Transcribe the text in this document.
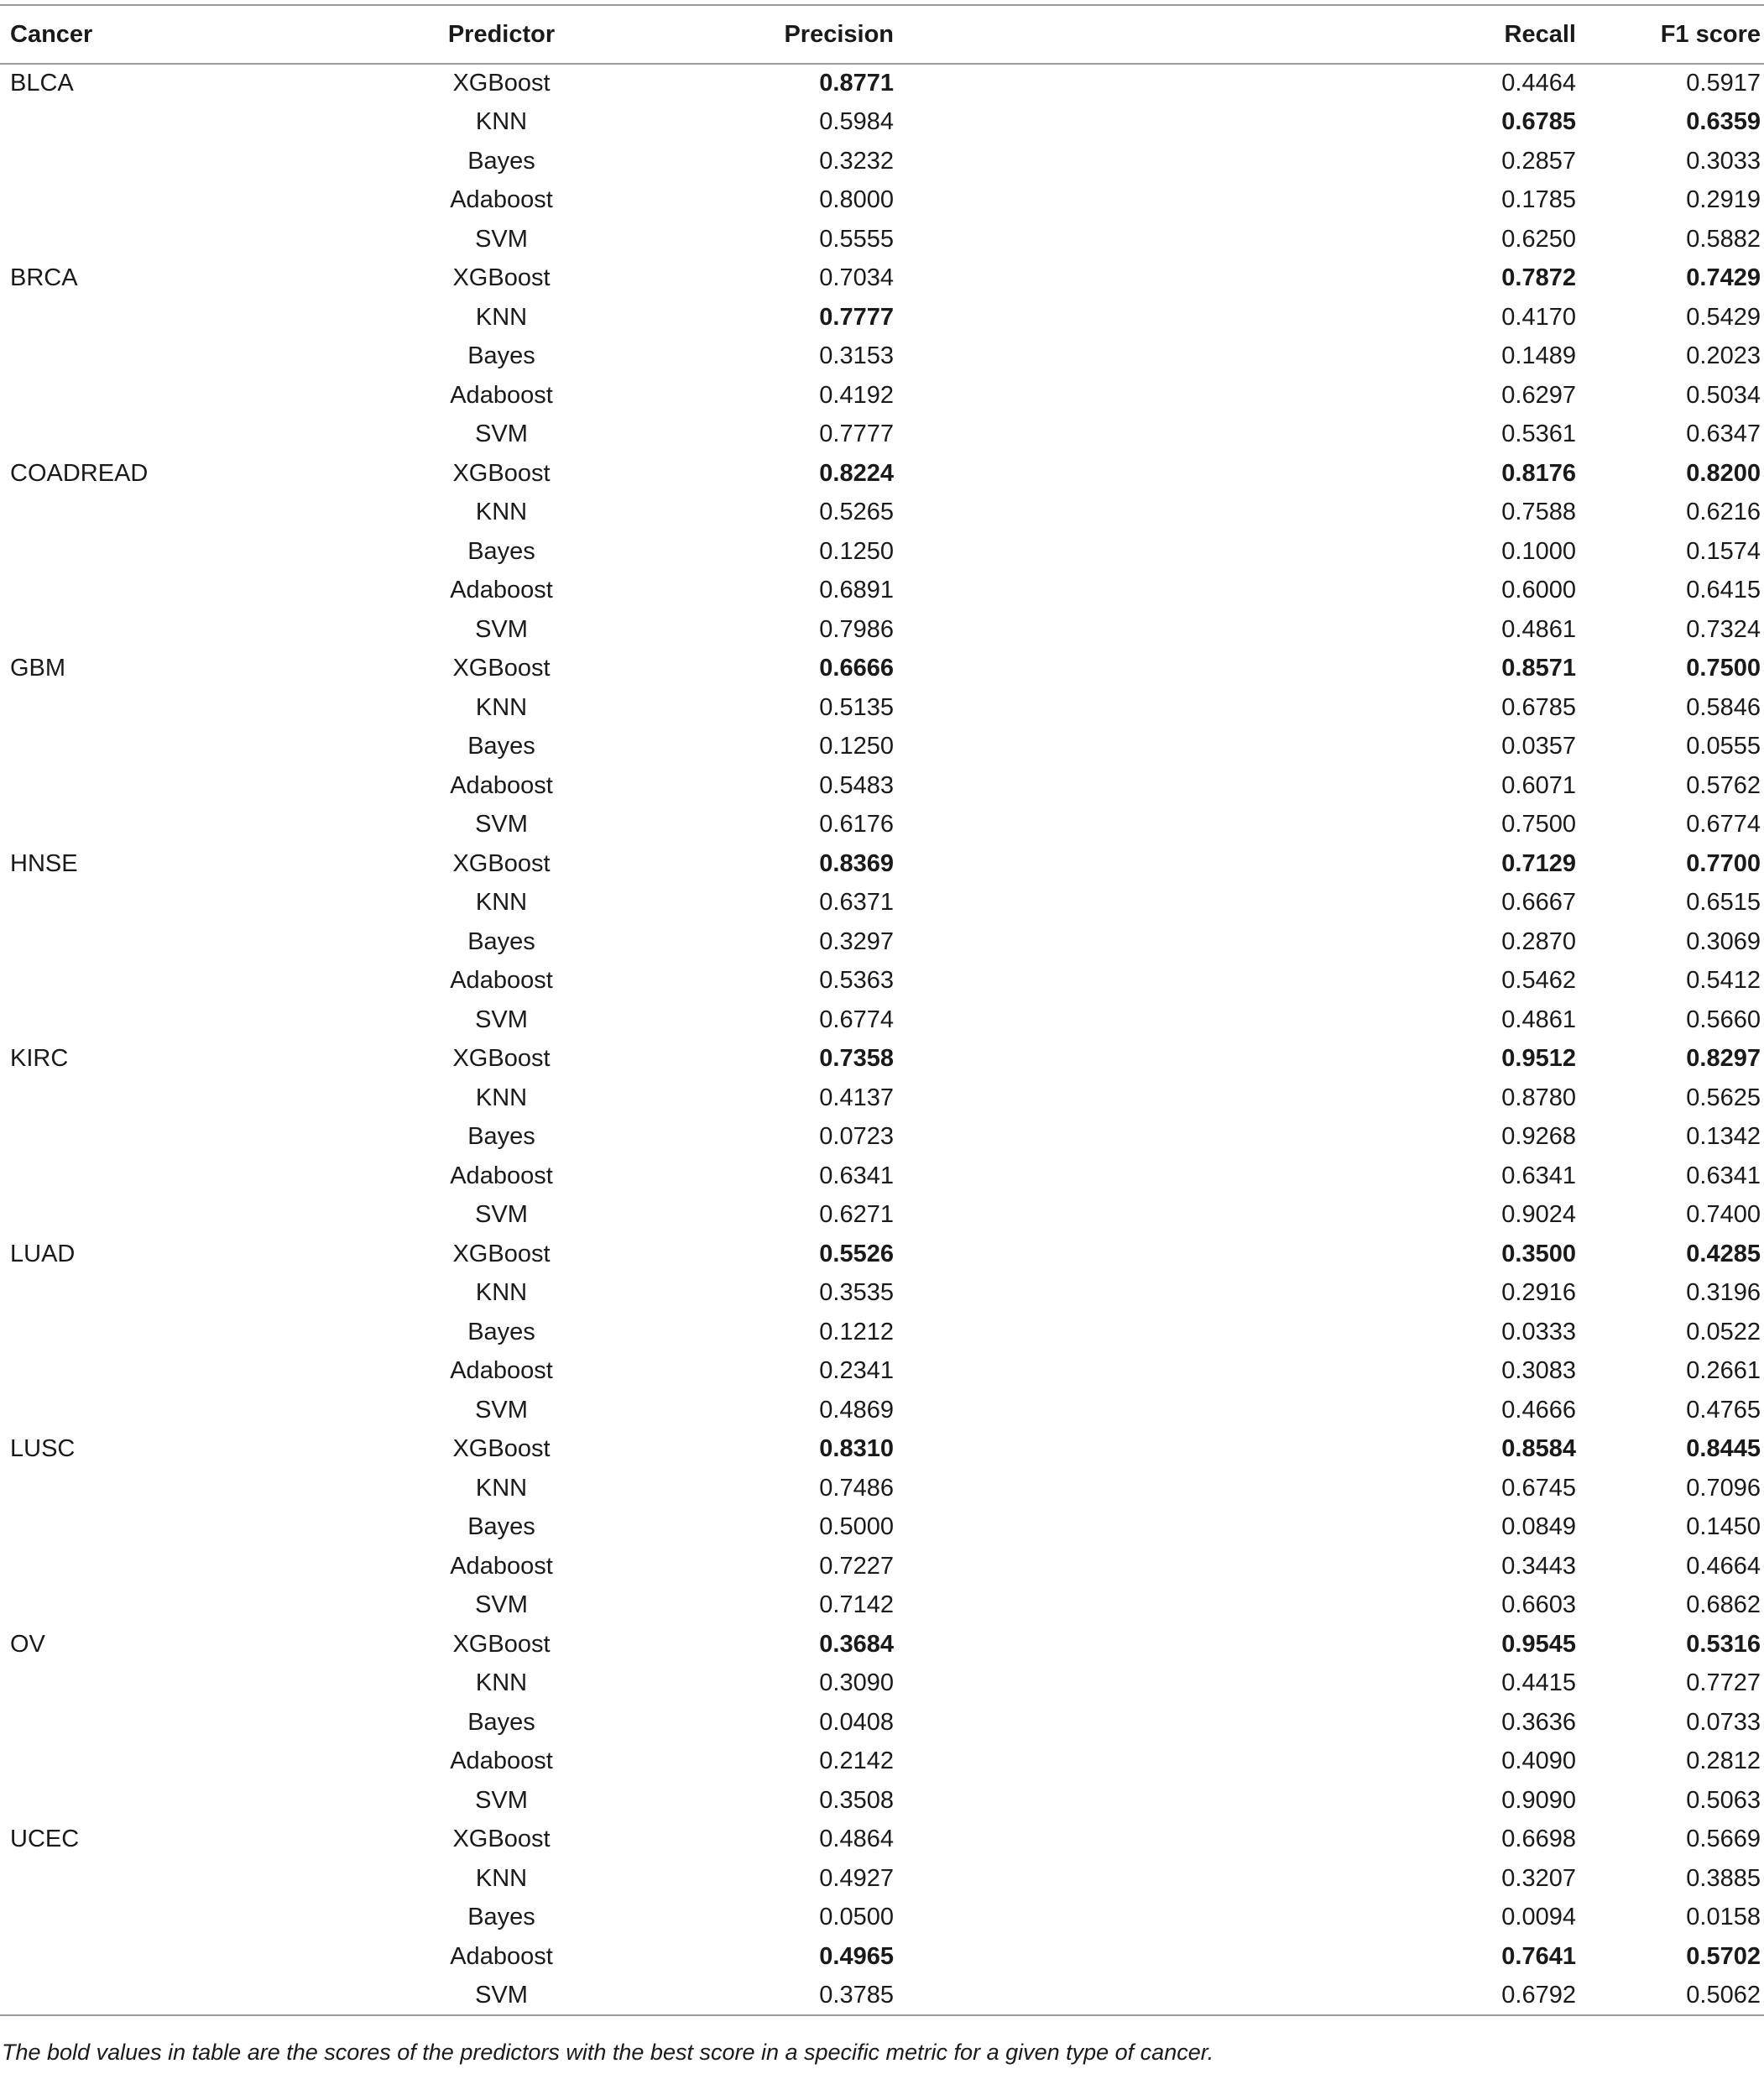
Cancer	Predictor	Precision	Recall	F1 score
BLCA	XGBoost	0.8771	0.4464	0.5917
	KNN	0.5984	0.6785	0.6359
	Bayes	0.3232	0.2857	0.3033
	Adaboost	0.8000	0.1785	0.2919
	SVM	0.5555	0.6250	0.5882
BRCA	XGBoost	0.7034	0.7872	0.7429
	KNN	0.7777	0.4170	0.5429
	Bayes	0.3153	0.1489	0.2023
	Adaboost	0.4192	0.6297	0.5034
	SVM	0.7777	0.5361	0.6347
COADREAD	XGBoost	0.8224	0.8176	0.8200
	KNN	0.5265	0.7588	0.6216
	Bayes	0.1250	0.1000	0.1574
	Adaboost	0.6891	0.6000	0.6415
	SVM	0.7986	0.4861	0.7324
GBM	XGBoost	0.6666	0.8571	0.7500
	KNN	0.5135	0.6785	0.5846
	Bayes	0.1250	0.0357	0.0555
	Adaboost	0.5483	0.6071	0.5762
	SVM	0.6176	0.7500	0.6774
HNSE	XGBoost	0.8369	0.7129	0.7700
	KNN	0.6371	0.6667	0.6515
	Bayes	0.3297	0.2870	0.3069
	Adaboost	0.5363	0.5462	0.5412
	SVM	0.6774	0.4861	0.5660
KIRC	XGBoost	0.7358	0.9512	0.8297
	KNN	0.4137	0.8780	0.5625
	Bayes	0.0723	0.9268	0.1342
	Adaboost	0.6341	0.6341	0.6341
	SVM	0.6271	0.9024	0.7400
LUAD	XGBoost	0.5526	0.3500	0.4285
	KNN	0.3535	0.2916	0.3196
	Bayes	0.1212	0.0333	0.0522
	Adaboost	0.2341	0.3083	0.2661
	SVM	0.4869	0.4666	0.4765
LUSC	XGBoost	0.8310	0.8584	0.8445
	KNN	0.7486	0.6745	0.7096
	Bayes	0.5000	0.0849	0.1450
	Adaboost	0.7227	0.3443	0.4664
	SVM	0.7142	0.6603	0.6862
OV	XGBoost	0.3684	0.9545	0.5316
	KNN	0.3090	0.4415	0.7727
	Bayes	0.0408	0.3636	0.0733
	Adaboost	0.2142	0.4090	0.2812
	SVM	0.3508	0.9090	0.5063
UCEC	XGBoost	0.4864	0.6698	0.5669
	KNN	0.4927	0.3207	0.3885
	Bayes	0.0500	0.0094	0.0158
	Adaboost	0.4965	0.7641	0.5702
	SVM	0.3785	0.6792	0.5062
The bold values in table are the scores of the predictors with the best score in a specific metric for a given type of cancer.
